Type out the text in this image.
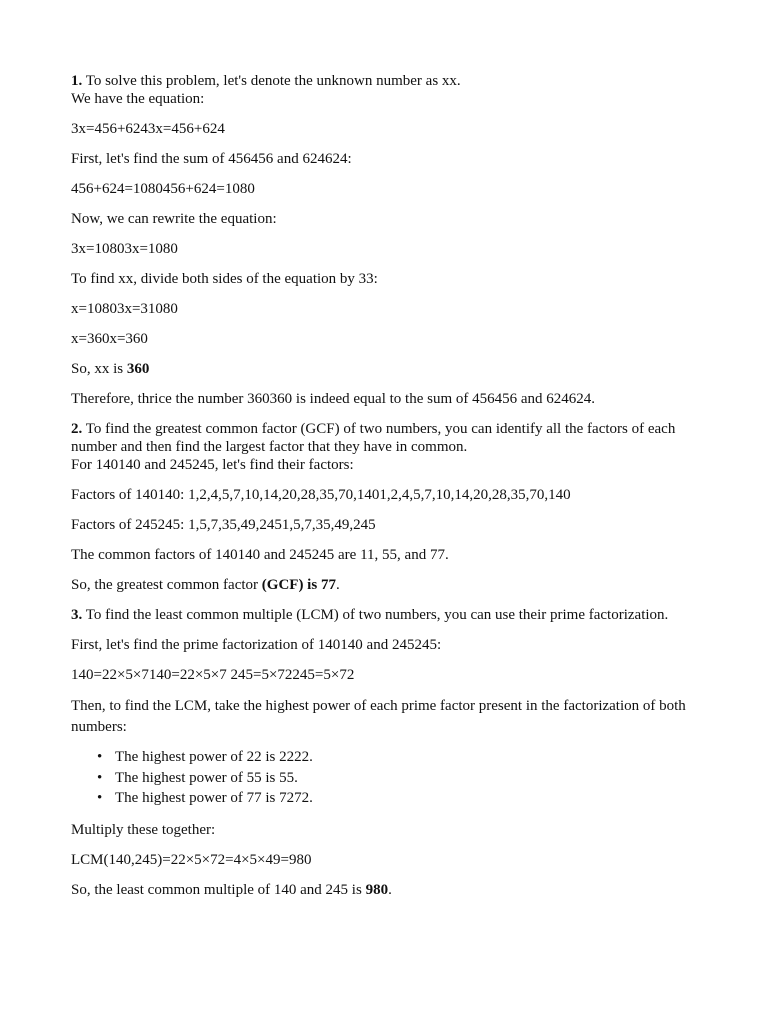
1. To solve this problem, let's denote the unknown number as xx.
We have the equation:
3x=456+6243x=456+624
First, let's find the sum of 456456 and 624624:
456+624=1080456+624=1080
Now, we can rewrite the equation:
3x=10803x=1080
To find xx, divide both sides of the equation by 33:
x=10803x=31080
x=360x=360
So, xx is 360
Therefore, thrice the number 360360 is indeed equal to the sum of 456456 and 624624.
2. To find the greatest common factor (GCF) of two numbers, you can identify all the factors of each number and then find the largest factor that they have in common.
For 140140 and 245245, let's find their factors:
Factors of 140140: 1,2,4,5,7,10,14,20,28,35,70,1401,2,4,5,7,10,14,20,28,35,70,140
Factors of 245245: 1,5,7,35,49,2451,5,7,35,49,245
The common factors of 140140 and 245245 are 11, 55, and 77.
So, the greatest common factor (GCF) is 77.
3. To find the least common multiple (LCM) of two numbers, you can use their prime factorization.
First, let's find the prime factorization of 140140 and 245245:
140=22×5×7140=22×5×7 245=5×72245=5×72
Then, to find the LCM, take the highest power of each prime factor present in the factorization of both numbers:
• The highest power of 22 is 2222.
• The highest power of 55 is 55.
• The highest power of 77 is 7272.
Multiply these together:
LCM(140,245)=22×5×72=4×5×49=980
So, the least common multiple of 140 and 245 is 980.
